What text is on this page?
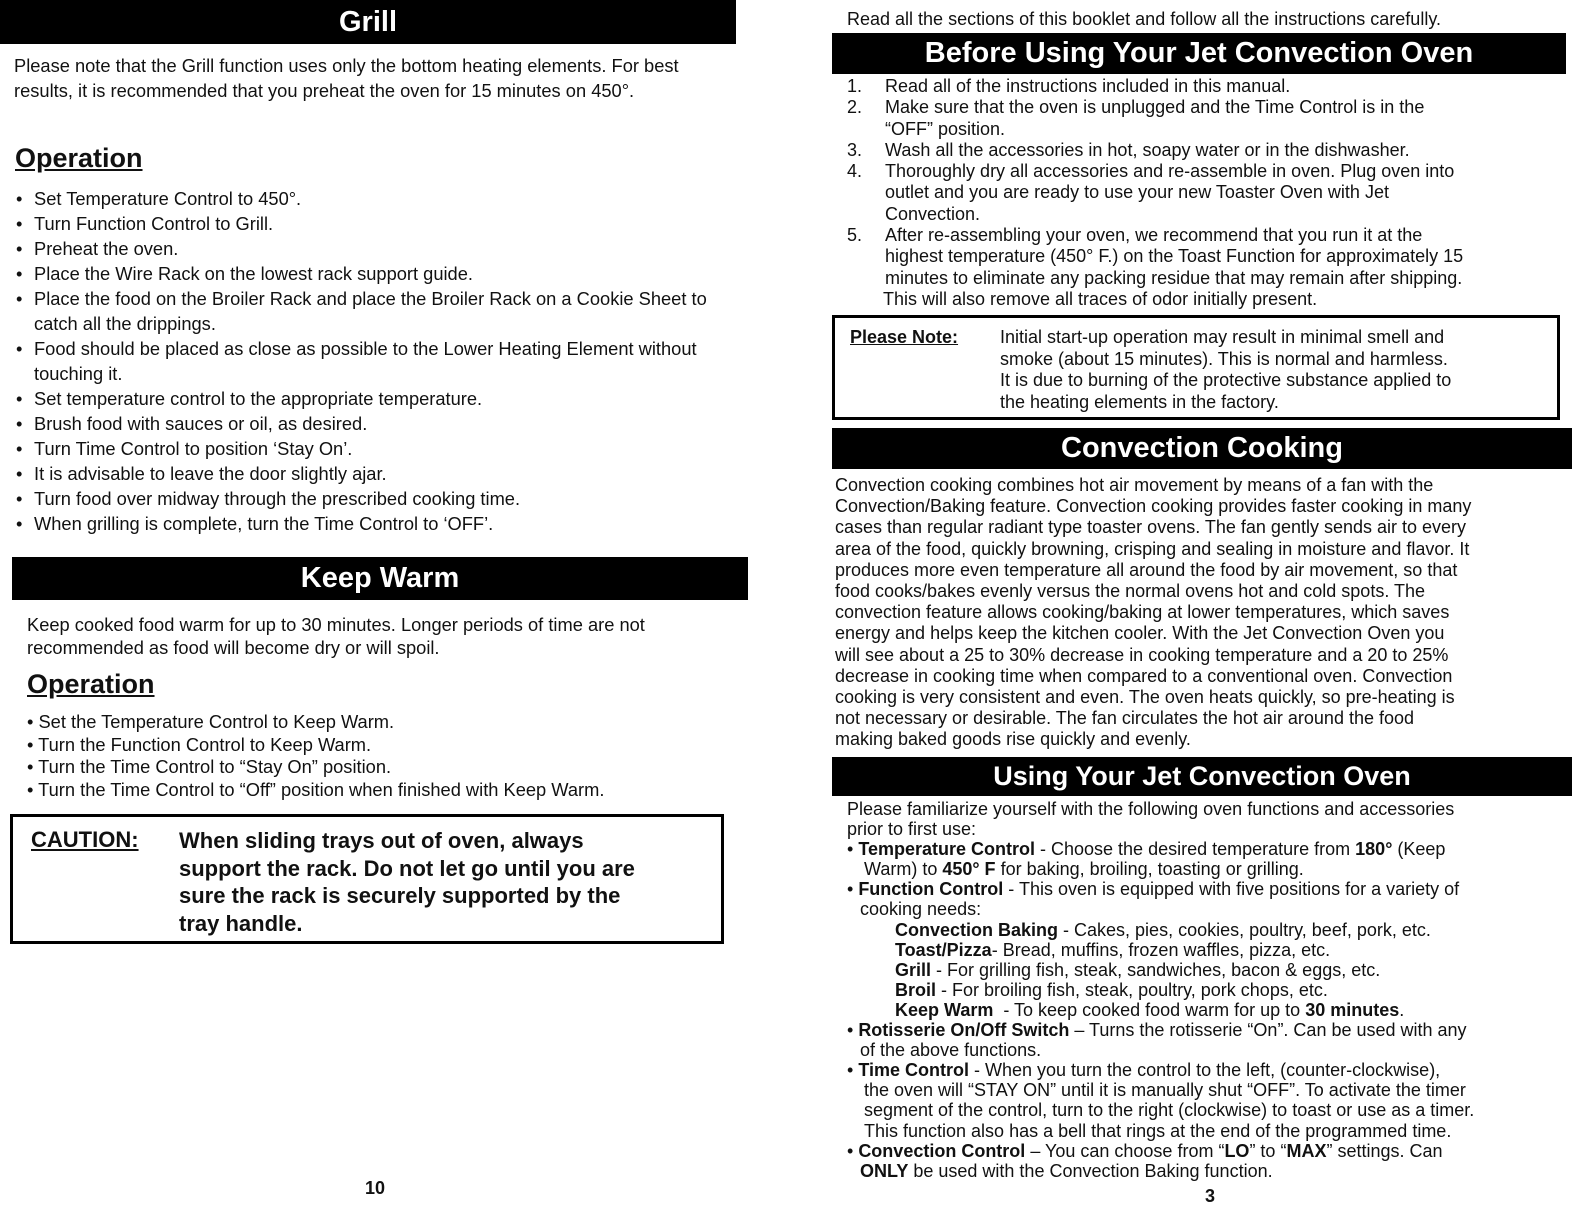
Grill
Please note that the Grill function uses only the bottom heating elements. For best results, it is recommended that you preheat the oven for 15 minutes on 450°.
Operation
• Set Temperature Control to 450°.
• Turn Function Control to Grill.
• Preheat the oven.
• Place the Wire Rack on the lowest rack support guide.
• Place the food on the Broiler Rack and place the Broiler Rack on a Cookie Sheet to catch all the drippings.
• Food should be placed as close as possible to the Lower Heating Element without touching it.
• Set temperature control to the appropriate temperature.
• Brush food with sauces or oil, as desired.
• Turn Time Control to position ‘Stay On’.
• It is advisable to leave the door slightly ajar.
• Turn food over midway through the prescribed cooking time.
• When grilling is complete, turn the Time Control to ‘OFF’.
Keep Warm
Keep cooked food warm for up to 30 minutes. Longer periods of time are not recommended as food will become dry or will spoil.
Operation
• Set the Temperature Control to Keep Warm.
• Turn the Function Control to Keep Warm.
• Turn the Time Control to “Stay On” position.
• Turn the Time Control to “Off” position when finished with Keep Warm.
CAUTION: When sliding trays out of oven, always
support the rack. Do not let go until you are
sure the rack is securely supported by the
tray handle.
10
Read all the sections of this booklet and follow all the instructions carefully.
Before Using Your Jet Convection Oven
1. Read all of the instructions included in this manual.
2. Make sure that the oven is unplugged and the Time Control is in the
“OFF” position.
3. Wash all the accessories in hot, soapy water or in the dishwasher.
4. Thoroughly dry all accessories and re-assemble in oven. Plug oven into
outlet and you are ready to use your new Toaster Oven with Jet
Convection.
5. After re-assembling your oven, we recommend that you run it at the
highest temperature (450° F.) on the Toast Function for approximately 15
minutes to eliminate any packing residue that may remain after shipping.
This will also remove all traces of odor initially present.
Please Note: Initial start-up operation may result in minimal smell and
smoke (about 15 minutes). This is normal and harmless.
It is due to burning of the protective substance applied to
the heating elements in the factory.
Convection Cooking
Convection cooking combines hot air movement by means of a fan with the
Convection/Baking feature. Convection cooking provides faster cooking in many
cases than regular radiant type toaster ovens. The fan gently sends air to every
area of the food, quickly browning, crisping and sealing in moisture and flavor. It
produces more even temperature all around the food by air movement, so that
food cooks/bakes evenly versus the normal ovens hot and cold spots. The
convection feature allows cooking/baking at lower temperatures, which saves
energy and helps keep the kitchen cooler. With the Jet Convection Oven you
will see about a 25 to 30% decrease in cooking temperature and a 20 to 25%
decrease in cooking time when compared to a conventional oven. Convection
cooking is very consistent and even. The oven heats quickly, so pre-heating is
not necessary or desirable. The fan circulates the hot air around the food
making baked goods rise quickly and evenly.
Using Your Jet Convection Oven
Please familiarize yourself with the following oven functions and accessories
prior to first use:
• Temperature Control - Choose the desired temperature from 180° (Keep
Warm) to 450° F for baking, broiling, toasting or grilling.
• Function Control - This oven is equipped with five positions for a variety of
cooking needs:
Convection Baking - Cakes, pies, cookies, poultry, beef, pork, etc.
Toast/Pizza- Bread, muffins, frozen waffles, pizza, etc.
Grill - For grilling fish, steak, sandwiches, bacon & eggs, etc.
Broil - For broiling fish, steak, poultry, pork chops, etc.
Keep Warm  - To keep cooked food warm for up to 30 minutes.
• Rotisserie On/Off Switch – Turns the rotisserie “On”. Can be used with any
of the above functions.
• Time Control - When you turn the control to the left, (counter-clockwise),
the oven will “STAY ON” until it is manually shut “OFF”. To activate the timer
segment of the control, turn to the right (clockwise) to toast or use as a timer.
This function also has a bell that rings at the end of the programmed time.
• Convection Control – You can choose from “LO” to “MAX” settings. Can
ONLY be used with the Convection Baking function.
3
